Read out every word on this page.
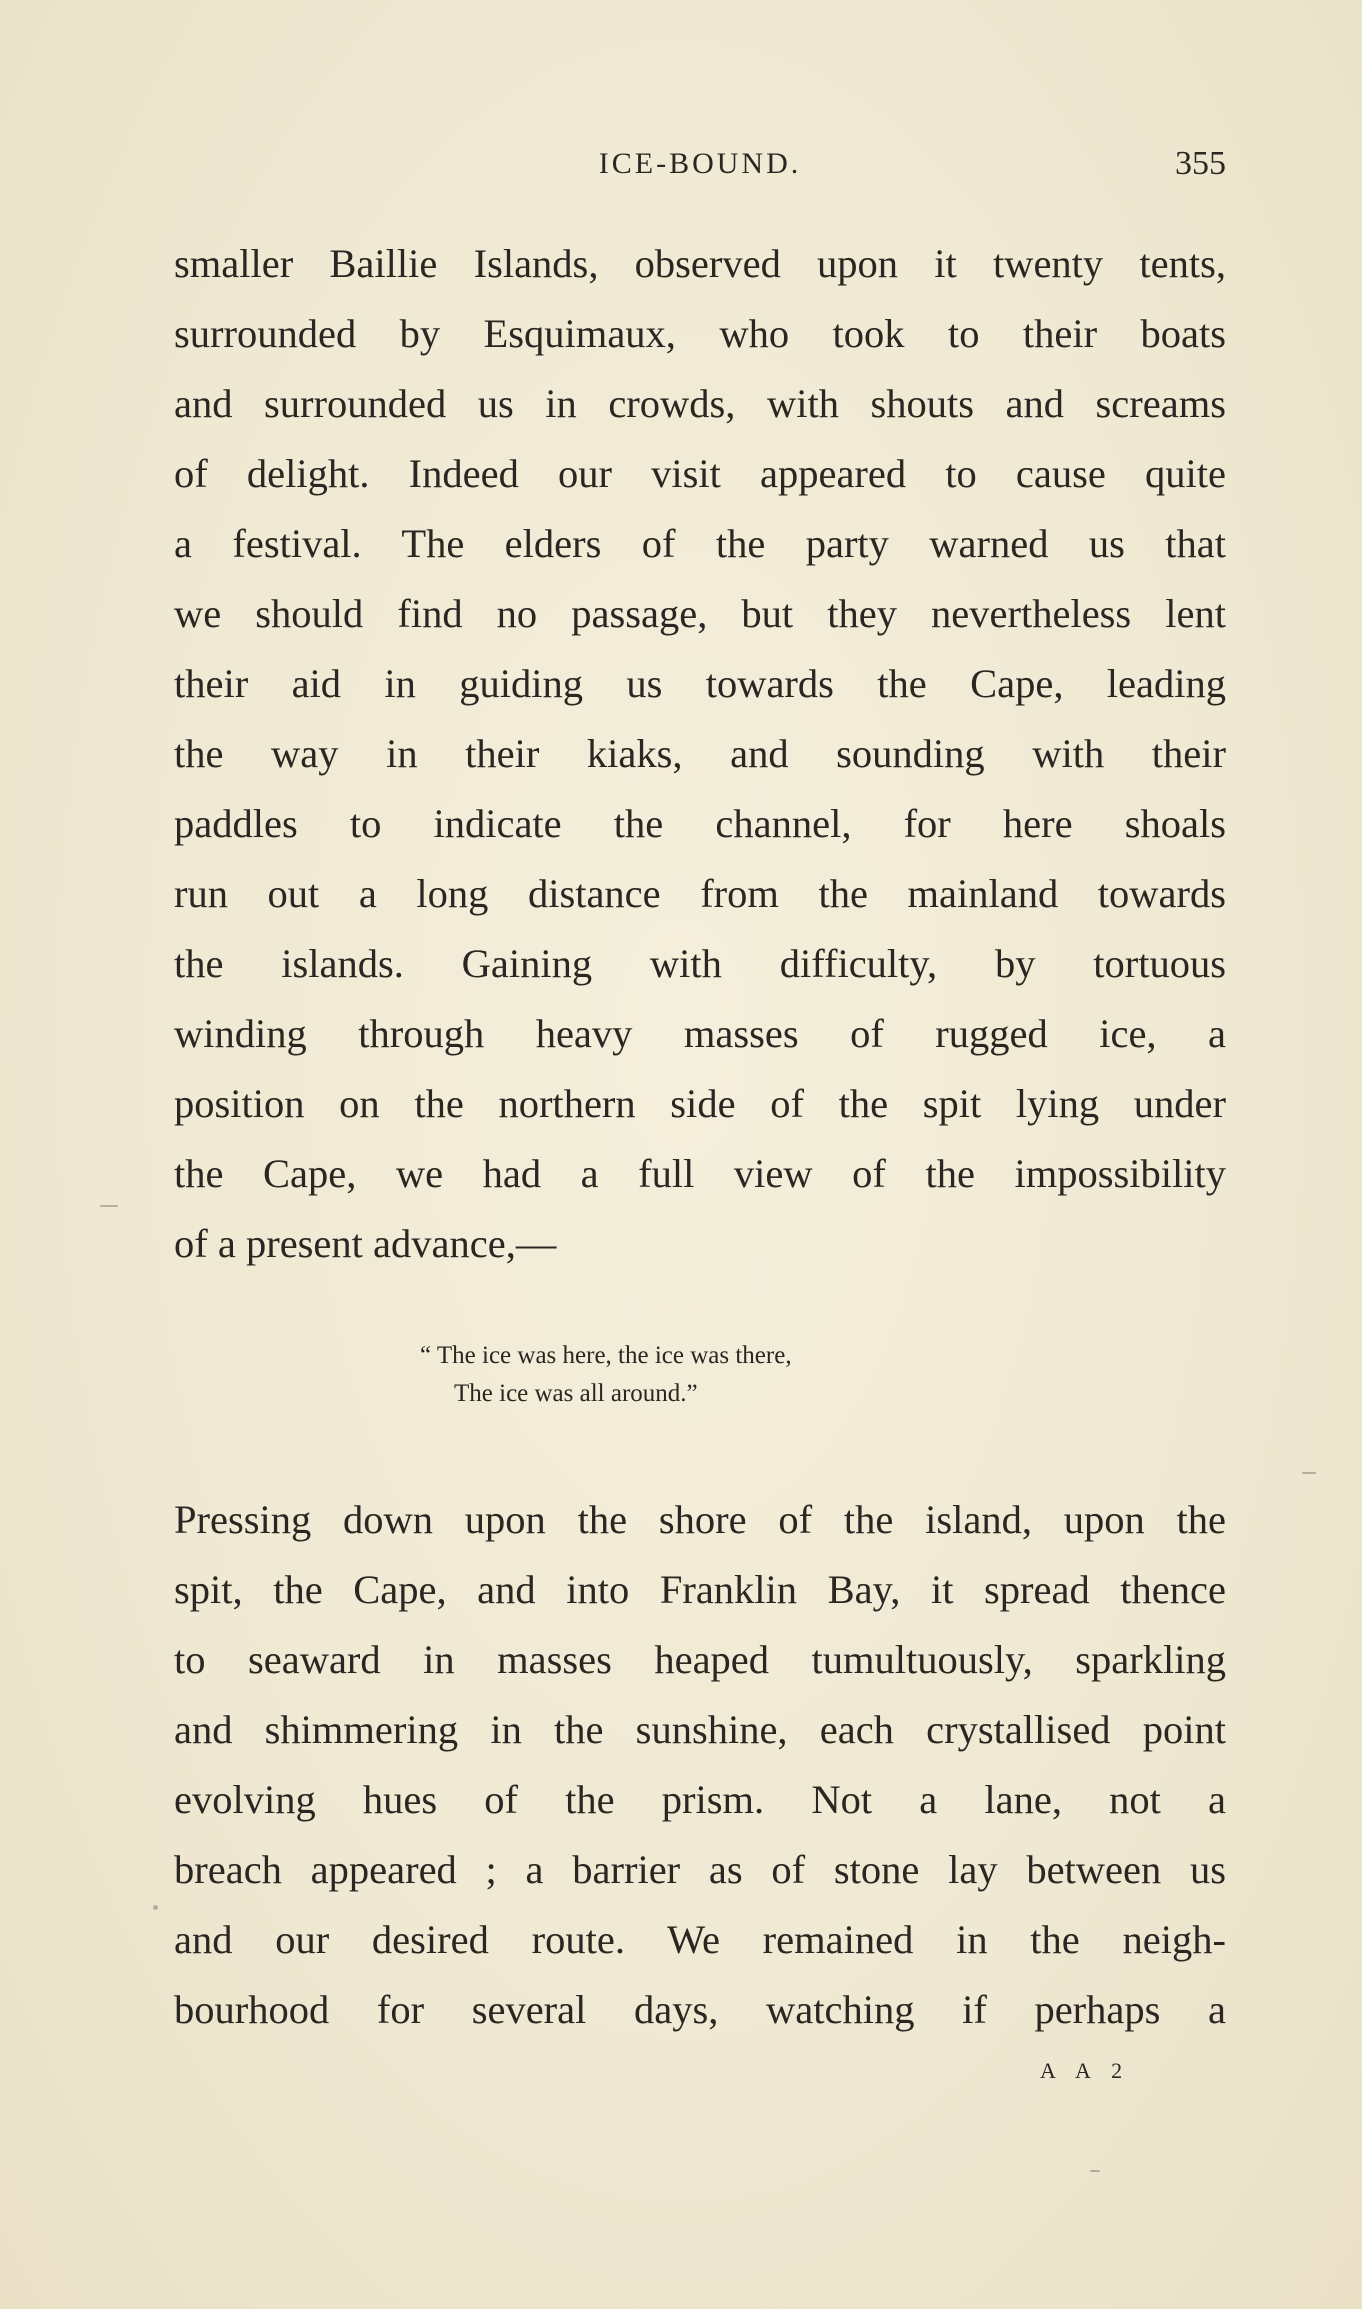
ICE-BOUND.	355
smaller Baillie Islands, observed upon it twenty tents,
surrounded by Esquimaux, who took to their boats
and surrounded us in crowds, with shouts and screams
of delight. Indeed our visit appeared to cause quite
a festival. The elders of the party warned us that
we should find no passage, but they nevertheless lent
their aid in guiding us towards the Cape, leading
the way in their kiaks, and sounding with their
paddles to indicate the channel, for here shoals
run out a long distance from the mainland towards
the islands. Gaining with difficulty, by tortuous
winding through heavy masses of rugged ice, a
position on the northern side of the spit lying under
the Cape, we had a full view of the impossibility
of a present advance,—
“ The ice was here, the ice was there,
The ice was all around.”
Pressing down upon the shore of the island, upon the
spit, the Cape, and into Franklin Bay, it spread thence
to seaward in masses heaped tumultuously, sparkling
and shimmering in the sunshine, each crystallised point
evolving hues of the prism. Not a lane, not a
breach appeared ; a barrier as of stone lay between us
and our desired route. We remained in the neigh-
bourhood for several days, watching if perhaps a
A A 2
